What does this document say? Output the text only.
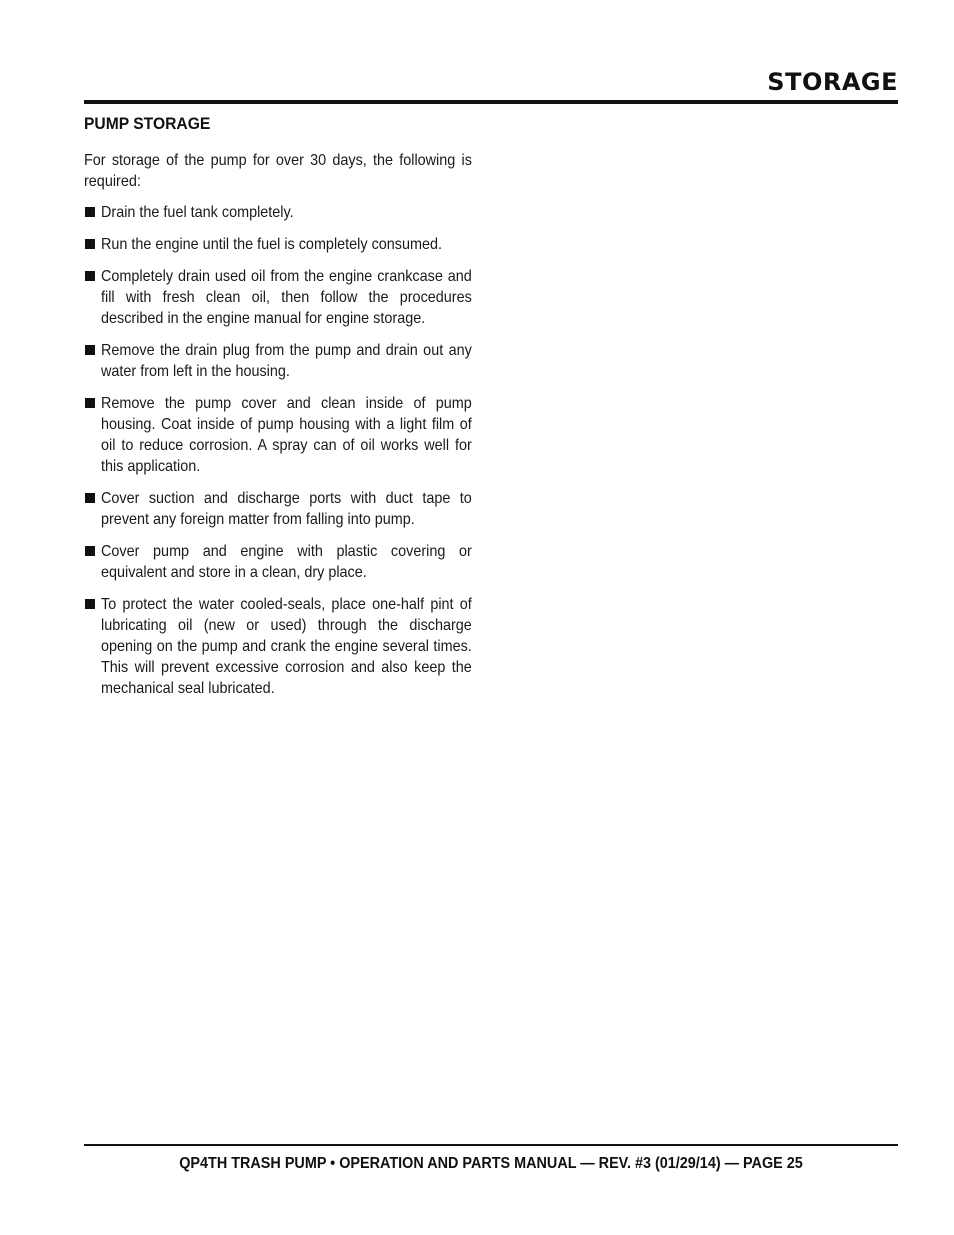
STORAGE
PUMP STORAGE

For storage of the pump for over 30 days, the following is required:

Drain the fuel tank completely.
Run the engine until the fuel is completely consumed.
Completely drain used oil from the engine crankcase and fill with fresh clean oil, then follow the procedures described in the engine manual for engine storage.
Remove the drain plug from the pump and drain out any water from left in the housing.
Remove the pump cover and clean inside of pump housing. Coat inside of pump housing with a light film of oil to reduce corrosion. A spray can of oil works well for this application.
Cover suction and discharge ports with duct tape to prevent any foreign matter from falling into pump.
Cover pump and engine with plastic covering or equivalent and store in a clean, dry place.
To protect the water cooled-seals, place one-half pint of lubricating oil (new or used) through the discharge opening on the pump and crank the engine several times. This will prevent excessive corrosion and also keep the mechanical seal lubricated.

QP4TH TRASH PUMP • OPERATION AND PARTS MANUAL — REV. #3 (01/29/14) — PAGE 25
